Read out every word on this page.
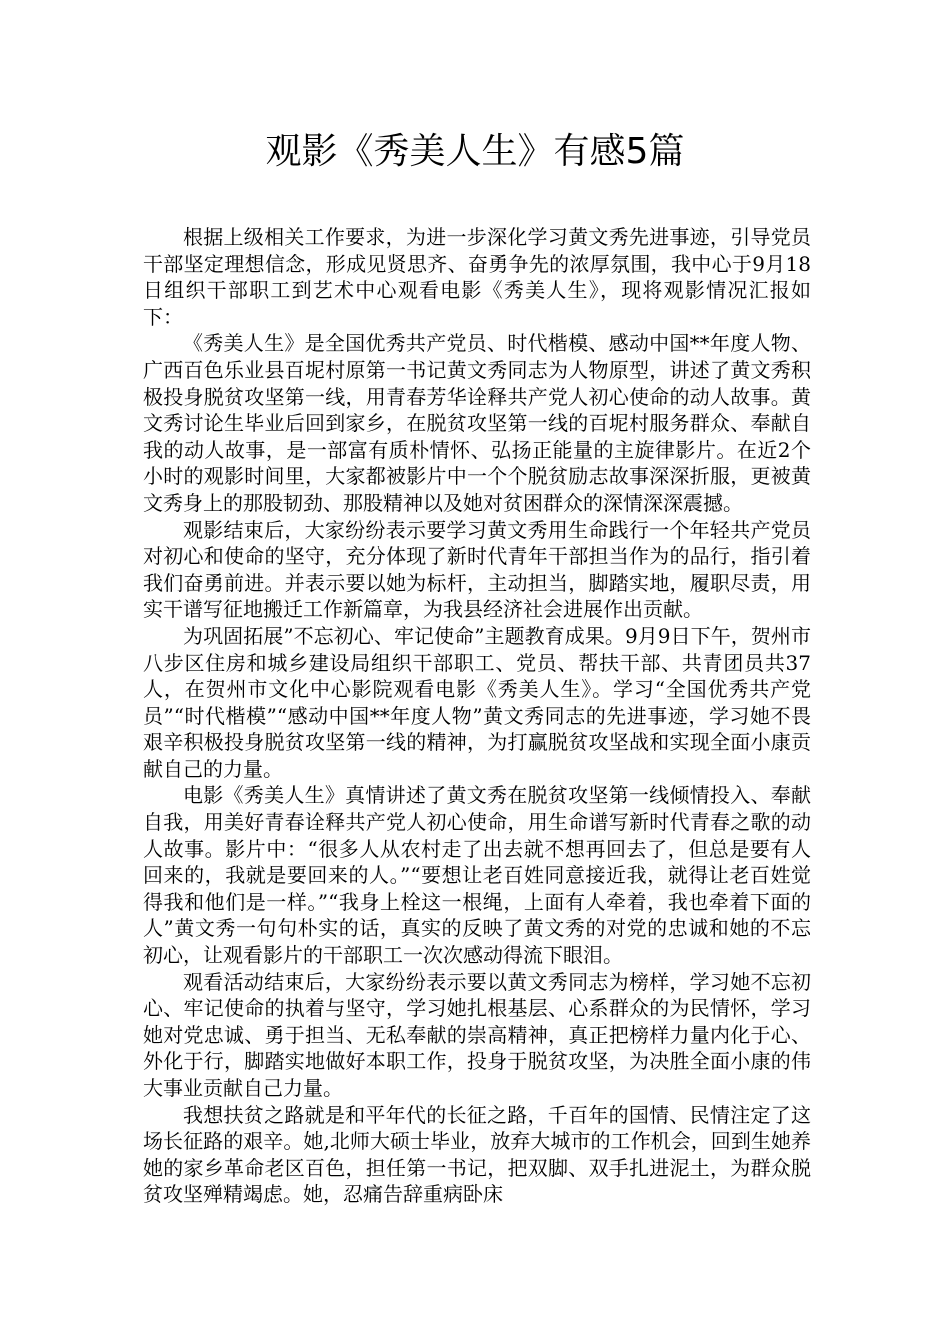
观影《秀美人生》有感5篇

根据上级相关工作要求，为进一步深化学习黄文秀先进事迹，引导党员干部坚定理想信念，形成见贤思齐、奋勇争先的浓厚氛围，我中心于9月18日组织干部职工到艺术中心观看电影《秀美人生》，现将观影情况汇报如下：

《秀美人生》是全国优秀共产党员、时代楷模、感动中国**年度人物、广西百色乐业县百坭村原第一书记黄文秀同志为人物原型，讲述了黄文秀积极投身脱贫攻坚第一线，用青春芳华诠释共产党人初心使命的动人故事。黄文秀讨论生毕业后回到家乡，在脱贫攻坚第一线的百坭村服务群众、奉献自我的动人故事，是一部富有质朴情怀、弘扬正能量的主旋律影片。在近2个小时的观影时间里，大家都被影片中一个个脱贫励志故事深深折服，更被黄文秀身上的那股韧劲、那股精神以及她对贫困群众的深情深深震撼。

观影结束后，大家纷纷表示要学习黄文秀用生命践行一个年轻共产党员对初心和使命的坚守，充分体现了新时代青年干部担当作为的品行，指引着我们奋勇前进。并表示要以她为标杆，主动担当，脚踏实地，履职尽责，用实干谱写征地搬迁工作新篇章，为我县经济社会进展作出贡献。

为巩固拓展”不忘初心、牢记使命”主题教育成果。9月9日下午，贺州市八步区住房和城乡建设局组织干部职工、党员、帮扶干部、共青团员共37人，在贺州市文化中心影院观看电影《秀美人生》。学习“全国优秀共产党员”“时代楷模”“感动中国**年度人物”黄文秀同志的先进事迹，学习她不畏艰辛积极投身脱贫攻坚第一线的精神，为打赢脱贫攻坚战和实现全面小康贡献自己的力量。

电影《秀美人生》真情讲述了黄文秀在脱贫攻坚第一线倾情投入、奉献自我，用美好青春诠释共产党人初心使命，用生命谱写新时代青春之歌的动人故事。影片中：“很多人从农村走了出去就不想再回去了，但总是要有人回来的，我就是要回来的人。”“要想让老百姓同意接近我，就得让老百姓觉得我和他们是一样。”“我身上栓这一根绳，上面有人牵着，我也牵着下面的人”黄文秀一句句朴实的话，真实的反映了黄文秀的对党的忠诚和她的不忘初心，让观看影片的干部职工一次次感动得流下眼泪。

观看活动结束后，大家纷纷表示要以黄文秀同志为榜样，学习她不忘初心、牢记使命的执着与坚守，学习她扎根基层、心系群众的为民情怀，学习她对党忠诚、勇于担当、无私奉献的崇高精神，真正把榜样力量内化于心、外化于行，脚踏实地做好本职工作，投身于脱贫攻坚，为决胜全面小康的伟大事业贡献自己力量。

我想扶贫之路就是和平年代的长征之路，千百年的国情、民情注定了这场长征路的艰辛。她,北师大硕士毕业，放弃大城市的工作机会，回到生她养她的家乡革命老区百色，担任第一书记，把双脚、双手扎进泥土，为群众脱贫攻坚殚精竭虑。她，忍痛告辞重病卧床
